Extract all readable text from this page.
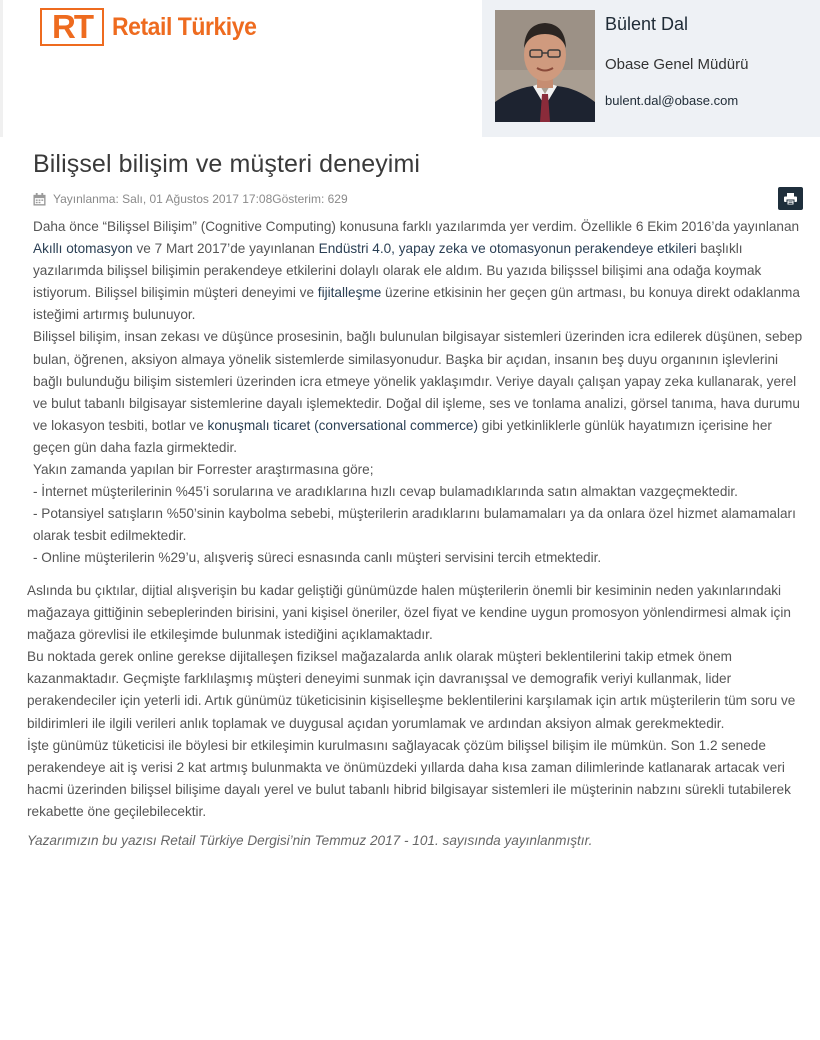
RT Retail Türkiye	Bülent Dal
Obase Genel Müdürü
bulent.dal@obase.com
Bilişsel bilişim ve müşteri deneyimi
Yayınlanma: Salı, 01 Ağustos 2017 17:08 Gösterim: 629

Daha önce “Bilişsel Bilişim” (Cognitive Computing) konusuna farklı yazılarımda yer verdim. Özellikle 6 Ekim 2016’da yayınlanan Akıllı otomasyon ve 7 Mart 2017’de yayınlanan Endüstri 4.0, yapay zeka ve otomasyonun perakendeye etkileri başlıklı yazılarımda bilişsel bilişimin perakendeye etkilerini dolaylı olarak ele aldım. Bu yazıda bilişssel bilişimi ana odağa koymak istiyorum. Bilişsel bilişimin müşteri deneyimi ve fijitalleşme üzerine etkisinin her geçen gün artması, bu konuya direkt odaklanma isteğimi artırmış bulunuyor.

Bilişsel bilişim, insan zekası ve düşünce prosesinin, bağlı bulunulan bilgisayar sistemleri üzerinden icra edilerek düşünen, sebep bulan, öğrenen, aksiyon almaya yönelik sistemlerde similasyonudur. Başka bir açıdan, insanın beş duyu organının işlevlerini bağlı bulunduğu bilişim sistemleri üzerinden icra etmeye yönelik yaklaşımdır. Veriye dayalı çalışan yapay zeka kullanarak, yerel ve bulut tabanlı bilgisayar sistemlerine dayalı işlemektedir. Doğal dil işleme, ses ve tonlama analizi, görsel tanıma, hava durumu ve lokasyon tesbiti, botlar ve konuşmalı ticaret (conversational commerce) gibi yetkinliklerle günlük hayatımızn içerisine her geçen gün daha fazla girmektedir.

Yakın zamanda yapılan bir Forrester araştırmasına göre;

- İnternet müşterilerinin %45’i sorularına ve aradıklarına hızlı cevap bulamadıklarında satın almaktan vazgeçmektedir.

- Potansiyel satışların %50’sinin kaybolma sebebi, müşterilerin aradıklarını bulamamaları ya da onlara özel hizmet alamamaları olarak tesbit edilmektedir.

- Online müşterilerin %29’u, alışveriş süreci esnasında canlı müşteri servisini tercih etmektedir.

Aslında bu çıktılar, dijtial alışverişin bu kadar geliştiği günümüzde halen müşterilerin önemli bir kesiminin neden yakınlarındaki mağazaya gittiğinin sebeplerinden birisini, yani kişisel öneriler, özel fiyat ve kendine uygun promosyon yönlendirmesi almak için mağaza görevlisi ile etkileşimde bulunmak istediğini açıklamaktadır.

Bu noktada gerek online gerekse dijitalleşen fiziksel mağazalarda anlık olarak müşteri beklentilerini takip etmek önem kazanmaktadır. Geçmişte farklılaşmış müşteri deneyimi sunmak için davranışsal ve demografik veriyi kullanmak, lider perakendeciler için yeterli idi. Artık günümüz tüketicisinin kişiselleşme beklentilerini karşılamak için artık müşterilerin tüm soru ve bildirimleri ile ilgili verileri anlık toplamak ve duygusal açıdan yorumlamak ve ardından aksiyon almak gerekmektedir.

İşte günümüz tüketicisi ile böylesi bir etkileşimin kurulmasını sağlayacak çözüm bilişsel bilişim ile mümkün. Son 1.2 senede perakendeye ait iş verisi 2 kat artmış bulunmakta ve önümüzdeki yıllarda daha kısa zaman dilimlerinde katlanarak artacak veri hacmi üzerinden bilişsel bilişime dayalı yerel ve bulut tabanlı hibrid bilgisayar sistemleri ile müşterinin nabzını sürekli tutabilerek rekabette öne geçilebilecektir.

Yazarımızın bu yazısı Retail Türkiye Dergisi’nin Temmuz 2017 - 101. sayısında yayınlanmıştır.
